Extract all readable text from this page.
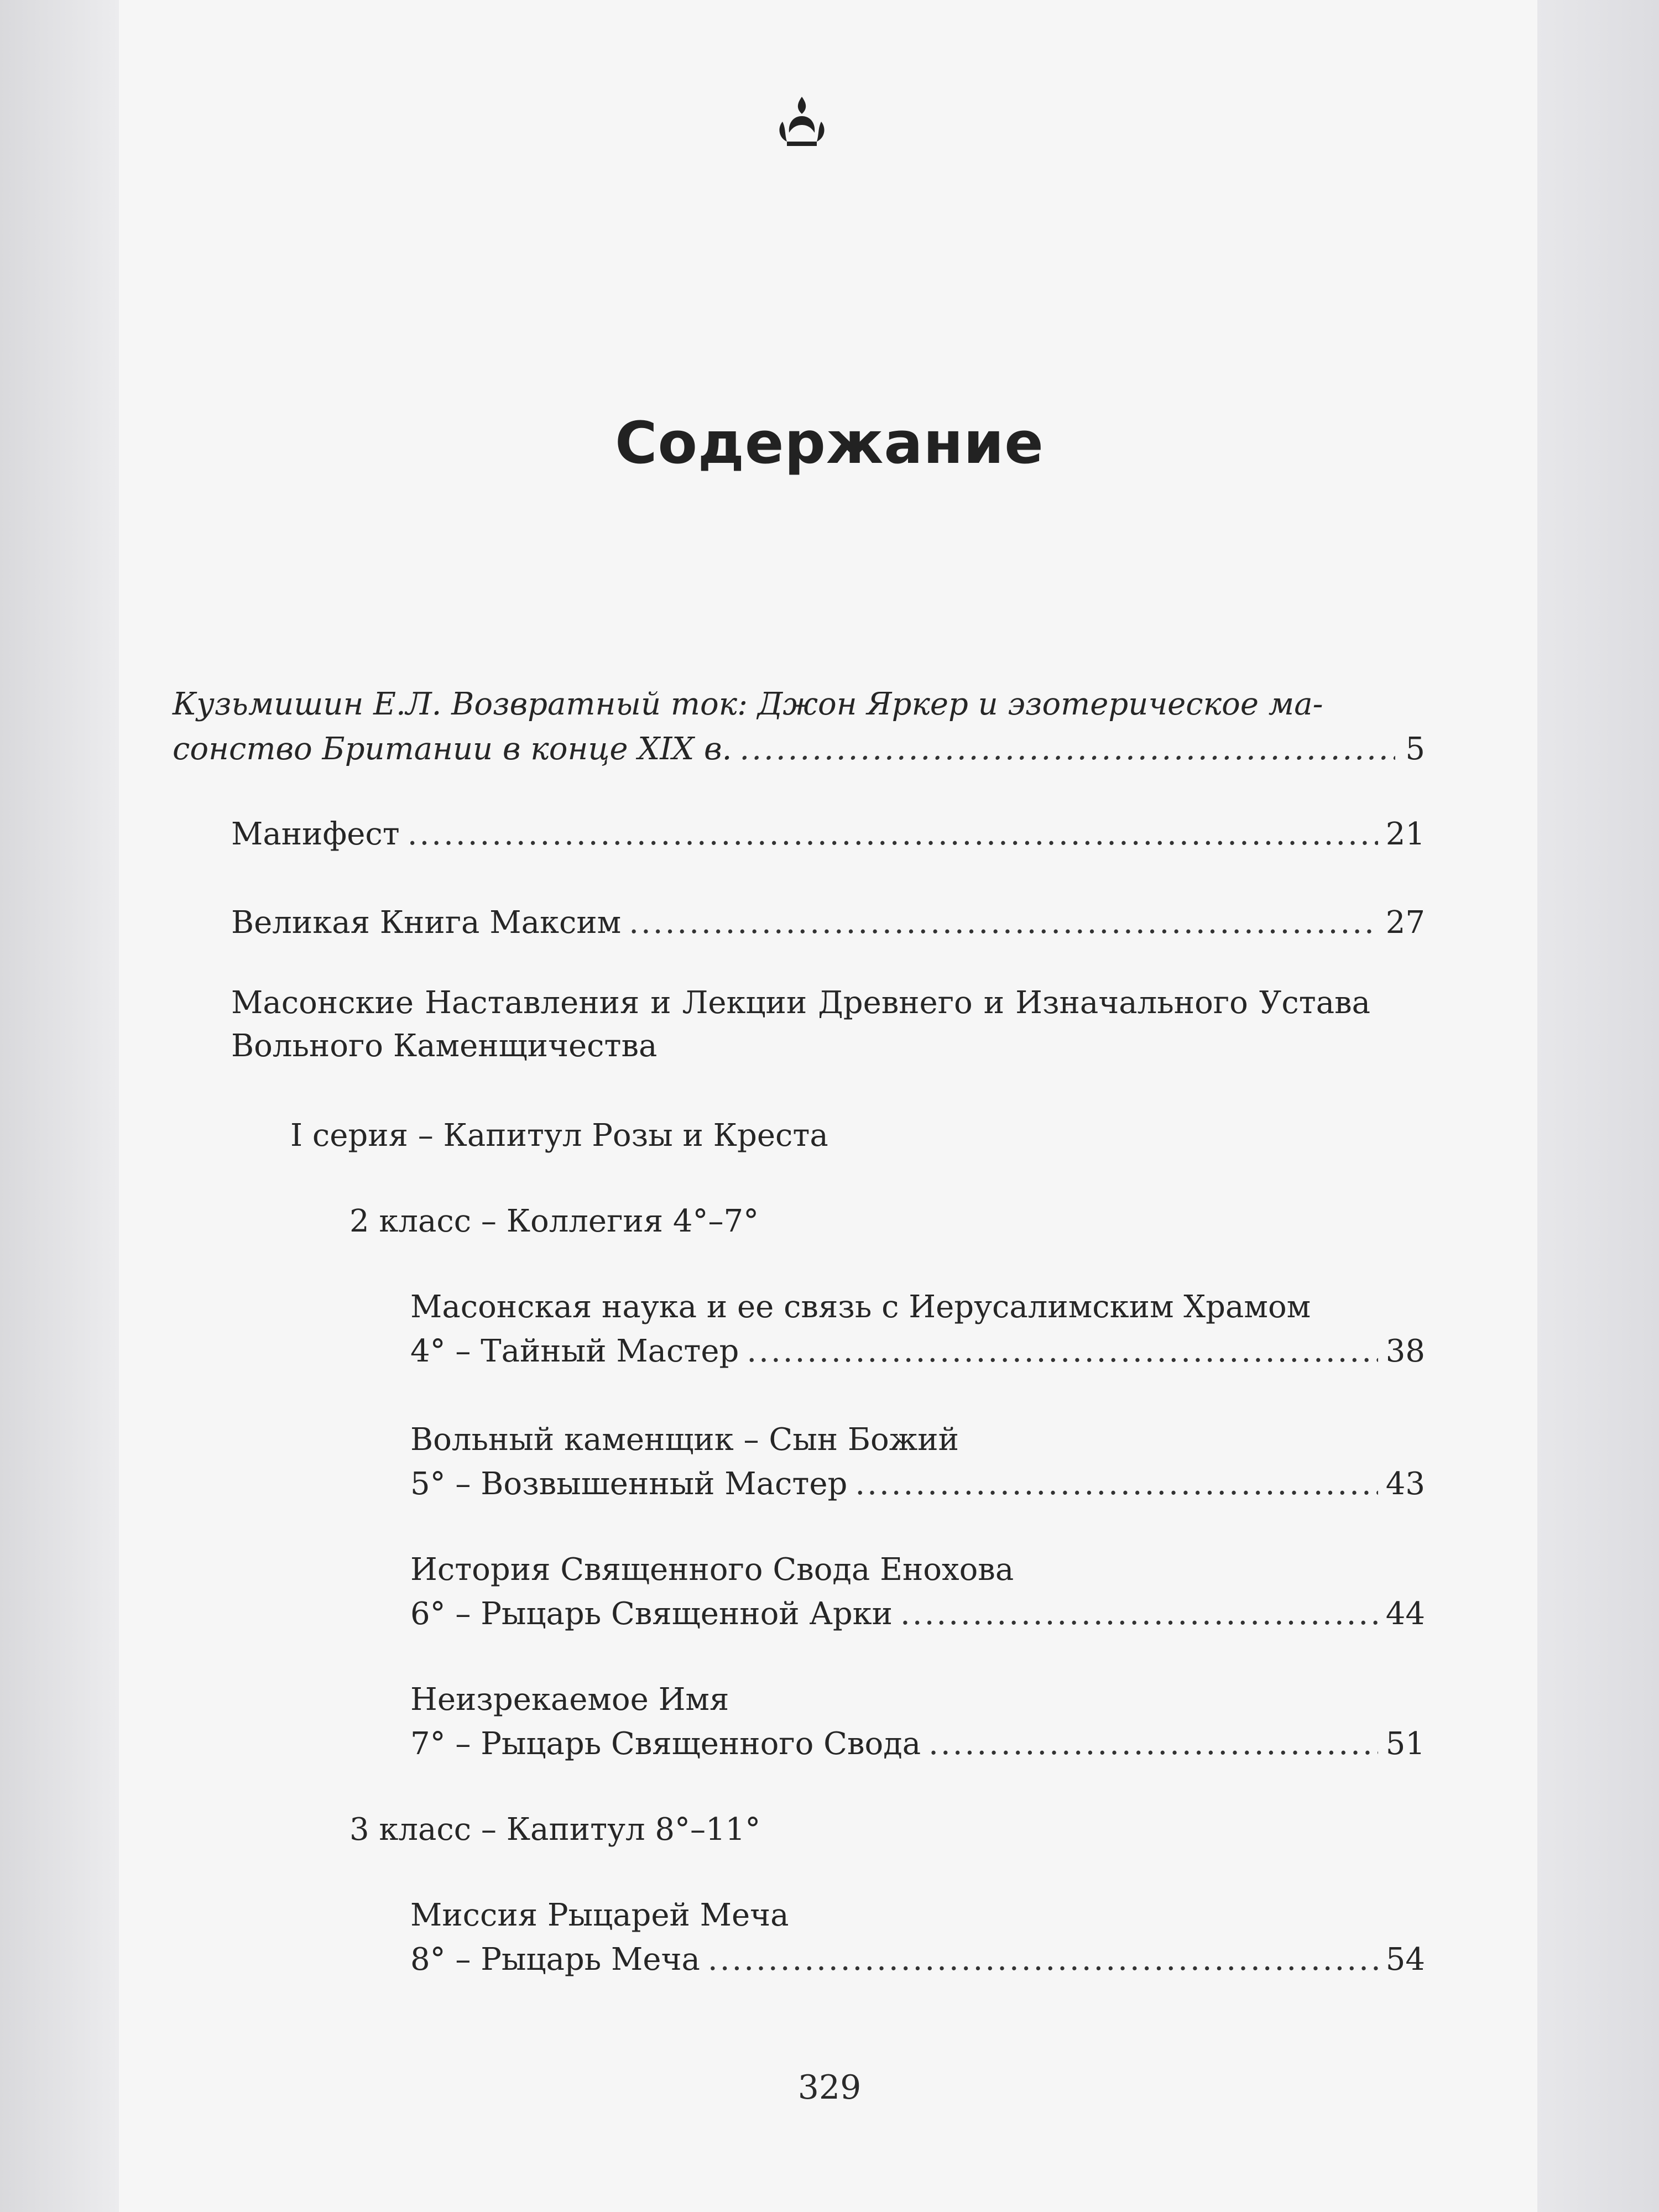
Содержание
Кузьмишин Е.Л. Возвратный ток: Джон Яркер и эзотерическое ма-
сонство Британии в конце XIX в. .....	5
Манифест .....	21
Великая Книга Максим .....	27
Масонские Наставления и Лекции Древнего и Изначального Устава Вольного Каменщичества
I серия – Капитул Розы и Креста
2 класс – Коллегия 4°–7°
Масонская наука и ее связь с Иерусалимским Храмом
4° – Тайный Мастер .....	38
Вольный каменщик – Сын Божий
5° – Возвышенный Мастер .....	43
История Священного Свода Енохова
6° – Рыцарь Священной Арки .....	44
Неизрекаемое Имя
7° – Рыцарь Священного Свода .....	51
3 класс – Капитул 8°–11°
Миссия Рыцарей Меча
8° – Рыцарь Меча .....	54
329
